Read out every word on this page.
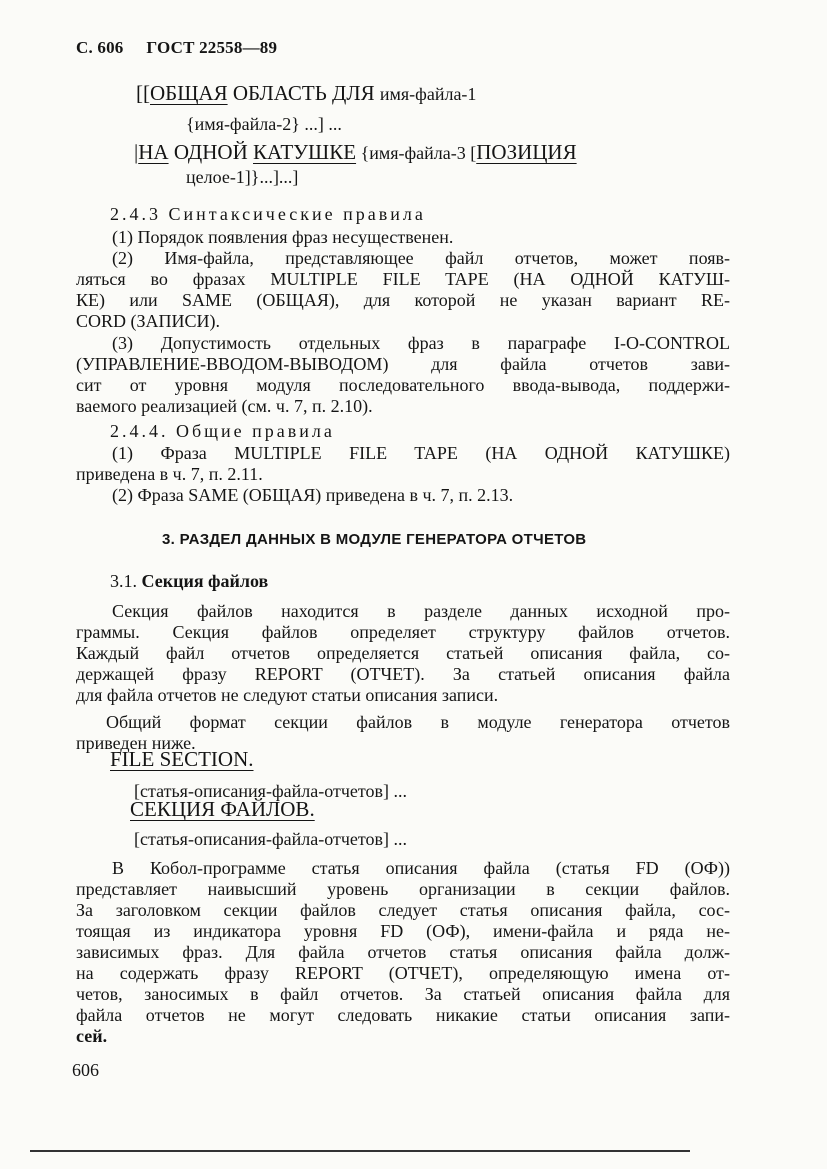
С. 606 ГОСТ 22558—89
[[ОБЩАЯ ОБЛАСТЬ ДЛЯ имя-файла-1
{имя-файла-2} ...] ...
|НА ОДНОЙ КАТУШКЕ {имя-файла-3 [ПОЗИЦИЯ
целое-1]}...]...]
2.4.3 Синтаксические правила
(1) Порядок появления фраз несущественен.
(2) Имя-файла, представляющее файл отчетов, может появ-
ляться во фразах MULTIPLE FILE TAPE (НА ОДНОЙ КАТУШ-
КЕ) или SAME (ОБЩАЯ), для которой не указан вариант RE-
CORD (ЗАПИСИ).
(3) Допустимость отдельных фраз в параграфе I-O-CONTROL
(УПРАВЛЕНИЕ-ВВОДОМ-ВЫВОДОМ) для файла отчетов зави-
сит от уровня модуля последовательного ввода-вывода, поддержи-
ваемого реализацией (см. ч. 7, п. 2.10).
2.4.4. Общие правила
(1) Фраза MULTIPLE FILE TAPE (НА ОДНОЙ КАТУШКЕ)
приведена в ч. 7, п. 2.11.
(2) Фраза SAME (ОБЩАЯ) приведена в ч. 7, п. 2.13.
3. РАЗДЕЛ ДАННЫХ В МОДУЛЕ ГЕНЕРАТОРА ОТЧЕТОВ
3.1. Секция файлов
Секция файлов находится в разделе данных исходной про-
граммы. Секция файлов определяет структуру файлов отчетов.
Каждый файл отчетов определяется статьей описания файла, со-
держащей фразу REPORT (ОТЧЕТ). За статьей описания файла
для файла отчетов не следуют статьи описания записи.
Общий формат секции файлов в модуле генератора отчетов
приведен ниже.
FILE SECTION.
[статья-описания-файла-отчетов] ...
СЕКЦИЯ ФАЙЛОВ.
[статья-описания-файла-отчетов] ...
В Кобол-программе статья описания файла (статья FD (ОФ))
представляет наивысший уровень организации в секции файлов.
За заголовком секции файлов следует статья описания файла, сос-
тоящая из индикатора уровня FD (ОФ), имени-файла и ряда не-
зависимых фраз. Для файла отчетов статья описания файла долж-
на содержать фразу REPORT (ОТЧЕТ), определяющую имена от-
четов, заносимых в файл отчетов. За статьей описания файла для
файла отчетов не могут следовать никакие статьи описания запи-
сей.
606
